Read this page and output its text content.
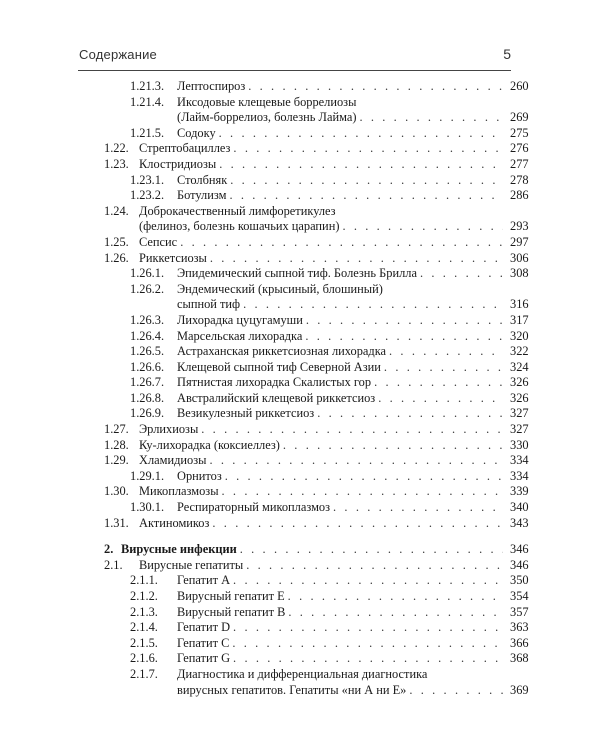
Содержание	5
1.21.3. Лептоспироз . . .	260
1.21.4. Иксодовые клещевые боррелиозы
(Лайм-боррелиоз, болезнь Лайма) . . .	269
1.21.5. Содоку . . .	275
1.22. Стрептобациллез . . .	276
1.23. Клостридиозы . . .	277
1.23.1. Столбняк . . .	278
1.23.2. Ботулизм . . .	286
1.24. Доброкачественный лимфоретикулез
(фелиноз, болезнь кошачьих царапин) . . .	293
1.25. Сепсис . . .	297
1.26. Риккетсиозы . . .	306
1.26.1. Эпидемический сыпной тиф. Болезнь Брилла . . .	308
1.26.2. Эндемический (крысиный, блошиный)
сыпной тиф . . .	316
1.26.3. Лихорадка цуцугамуши . . .	317
1.26.4. Марсельская лихорадка . . .	320
1.26.5. Астраханская риккетсиозная лихорадка . . .	322
1.26.6. Клещевой сыпной тиф Северной Азии . . .	324
1.26.7. Пятнистая лихорадка Скалистых гор . . .	326
1.26.8. Австралийский клещевой риккетсиоз . . .	326
1.26.9. Везикулезный риккетсиоз . . .	327
1.27. Эрлихиозы . . .	327
1.28. Ку-лихорадка (коксиеллез) . . .	330
1.29. Хламидиозы . . .	334
1.29.1. Орнитоз . . .	334
1.30. Микоплазмозы . . .	339
1.30.1. Респираторный микоплазмоз . . .	340
1.31. Актиномикоз . . .	343
2. Вирусные инфекции . . .	346
2.1. Вирусные гепатиты . . .	346
2.1.1. Гепатит А . . .	350
2.1.2. Вирусный гепатит Е . . .	354
2.1.3. Вирусный гепатит В . . .	357
2.1.4. Гепатит D . . .	363
2.1.5. Гепатит С . . .	366
2.1.6. Гепатит G . . .	368
2.1.7. Диагностика и дифференциальная диагностика
вирусных гепатитов. Гепатиты «ни А ни Е» . . .	369
